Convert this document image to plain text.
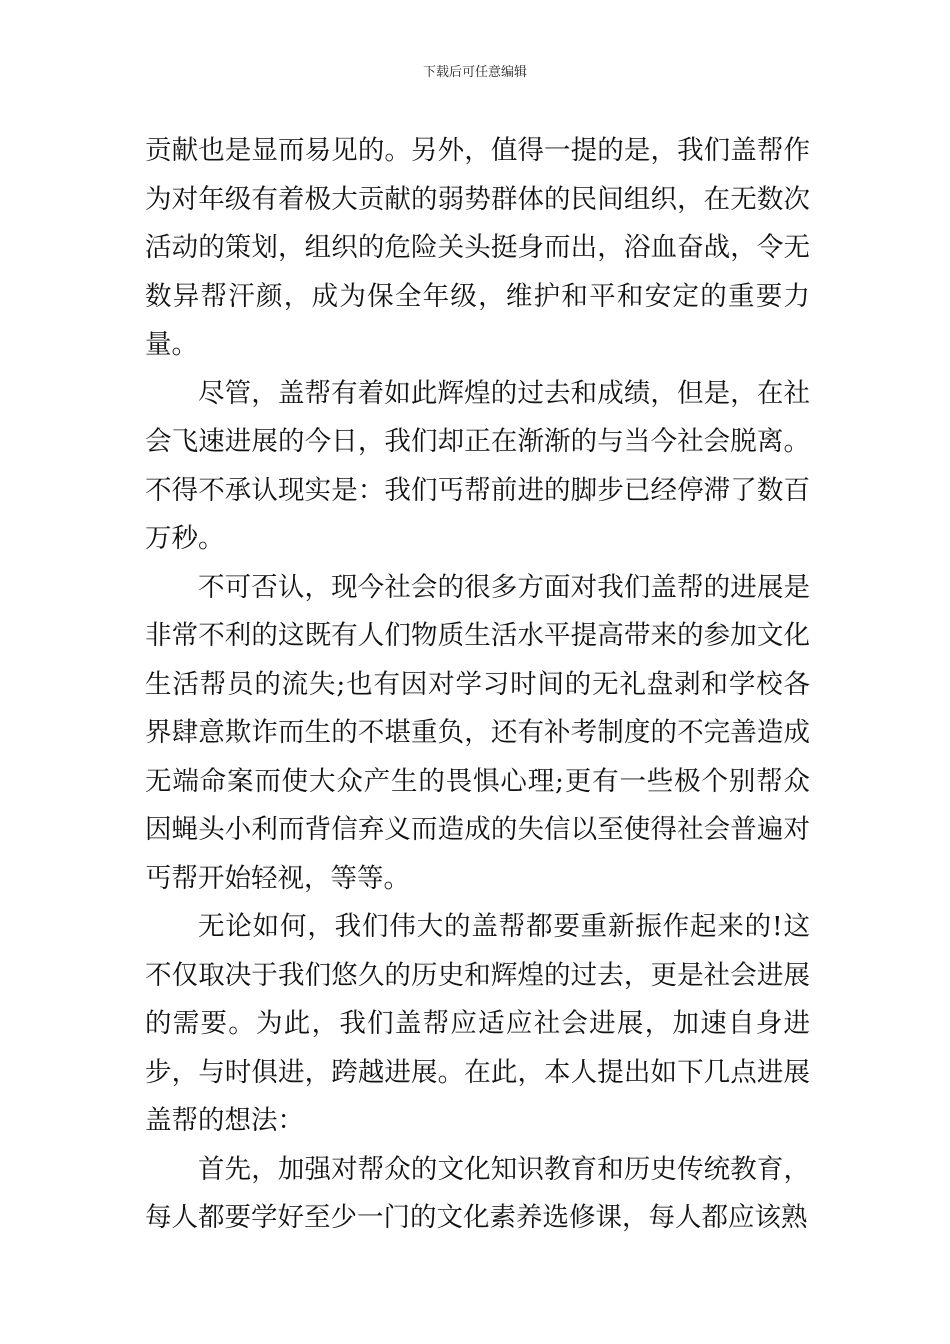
下载后可任意编辑

贡献也是显而易见的。另外，值得一提的是，我们盖帮作为对年级有着极大贡献的弱势群体的民间组织，在无数次活动的策划，组织的危险关头挺身而出，浴血奋战，令无数异帮汗颜，成为保全年级，维护和平和安定的重要力量。

尽管，盖帮有着如此辉煌的过去和成绩，但是，在社会飞速进展的今日，我们却正在渐渐的与当今社会脱离。不得不承认现实是：我们丐帮前进的脚步已经停滞了数百万秒。

不可否认，现今社会的很多方面对我们盖帮的进展是非常不利的这既有人们物质生活水平提高带来的参加文化生活帮员的流失;也有因对学习时间的无礼盘剥和学校各界肆意欺诈而生的不堪重负，还有补考制度的不完善造成无端命案而使大众产生的畏惧心理;更有一些极个别帮众因蝇头小利而背信弃义而造成的失信以至使得社会普遍对丐帮开始轻视，等等。

无论如何，我们伟大的盖帮都要重新振作起来的!这不仅取决于我们悠久的历史和辉煌的过去，更是社会进展的需要。为此，我们盖帮应适应社会进展，加速自身进步，与时俱进，跨越进展。在此，本人提出如下几点进展盖帮的想法：

首先，加强对帮众的文化知识教育和历史传统教育，每人都要学好至少一门的文化素养选修课，每人都应该熟
